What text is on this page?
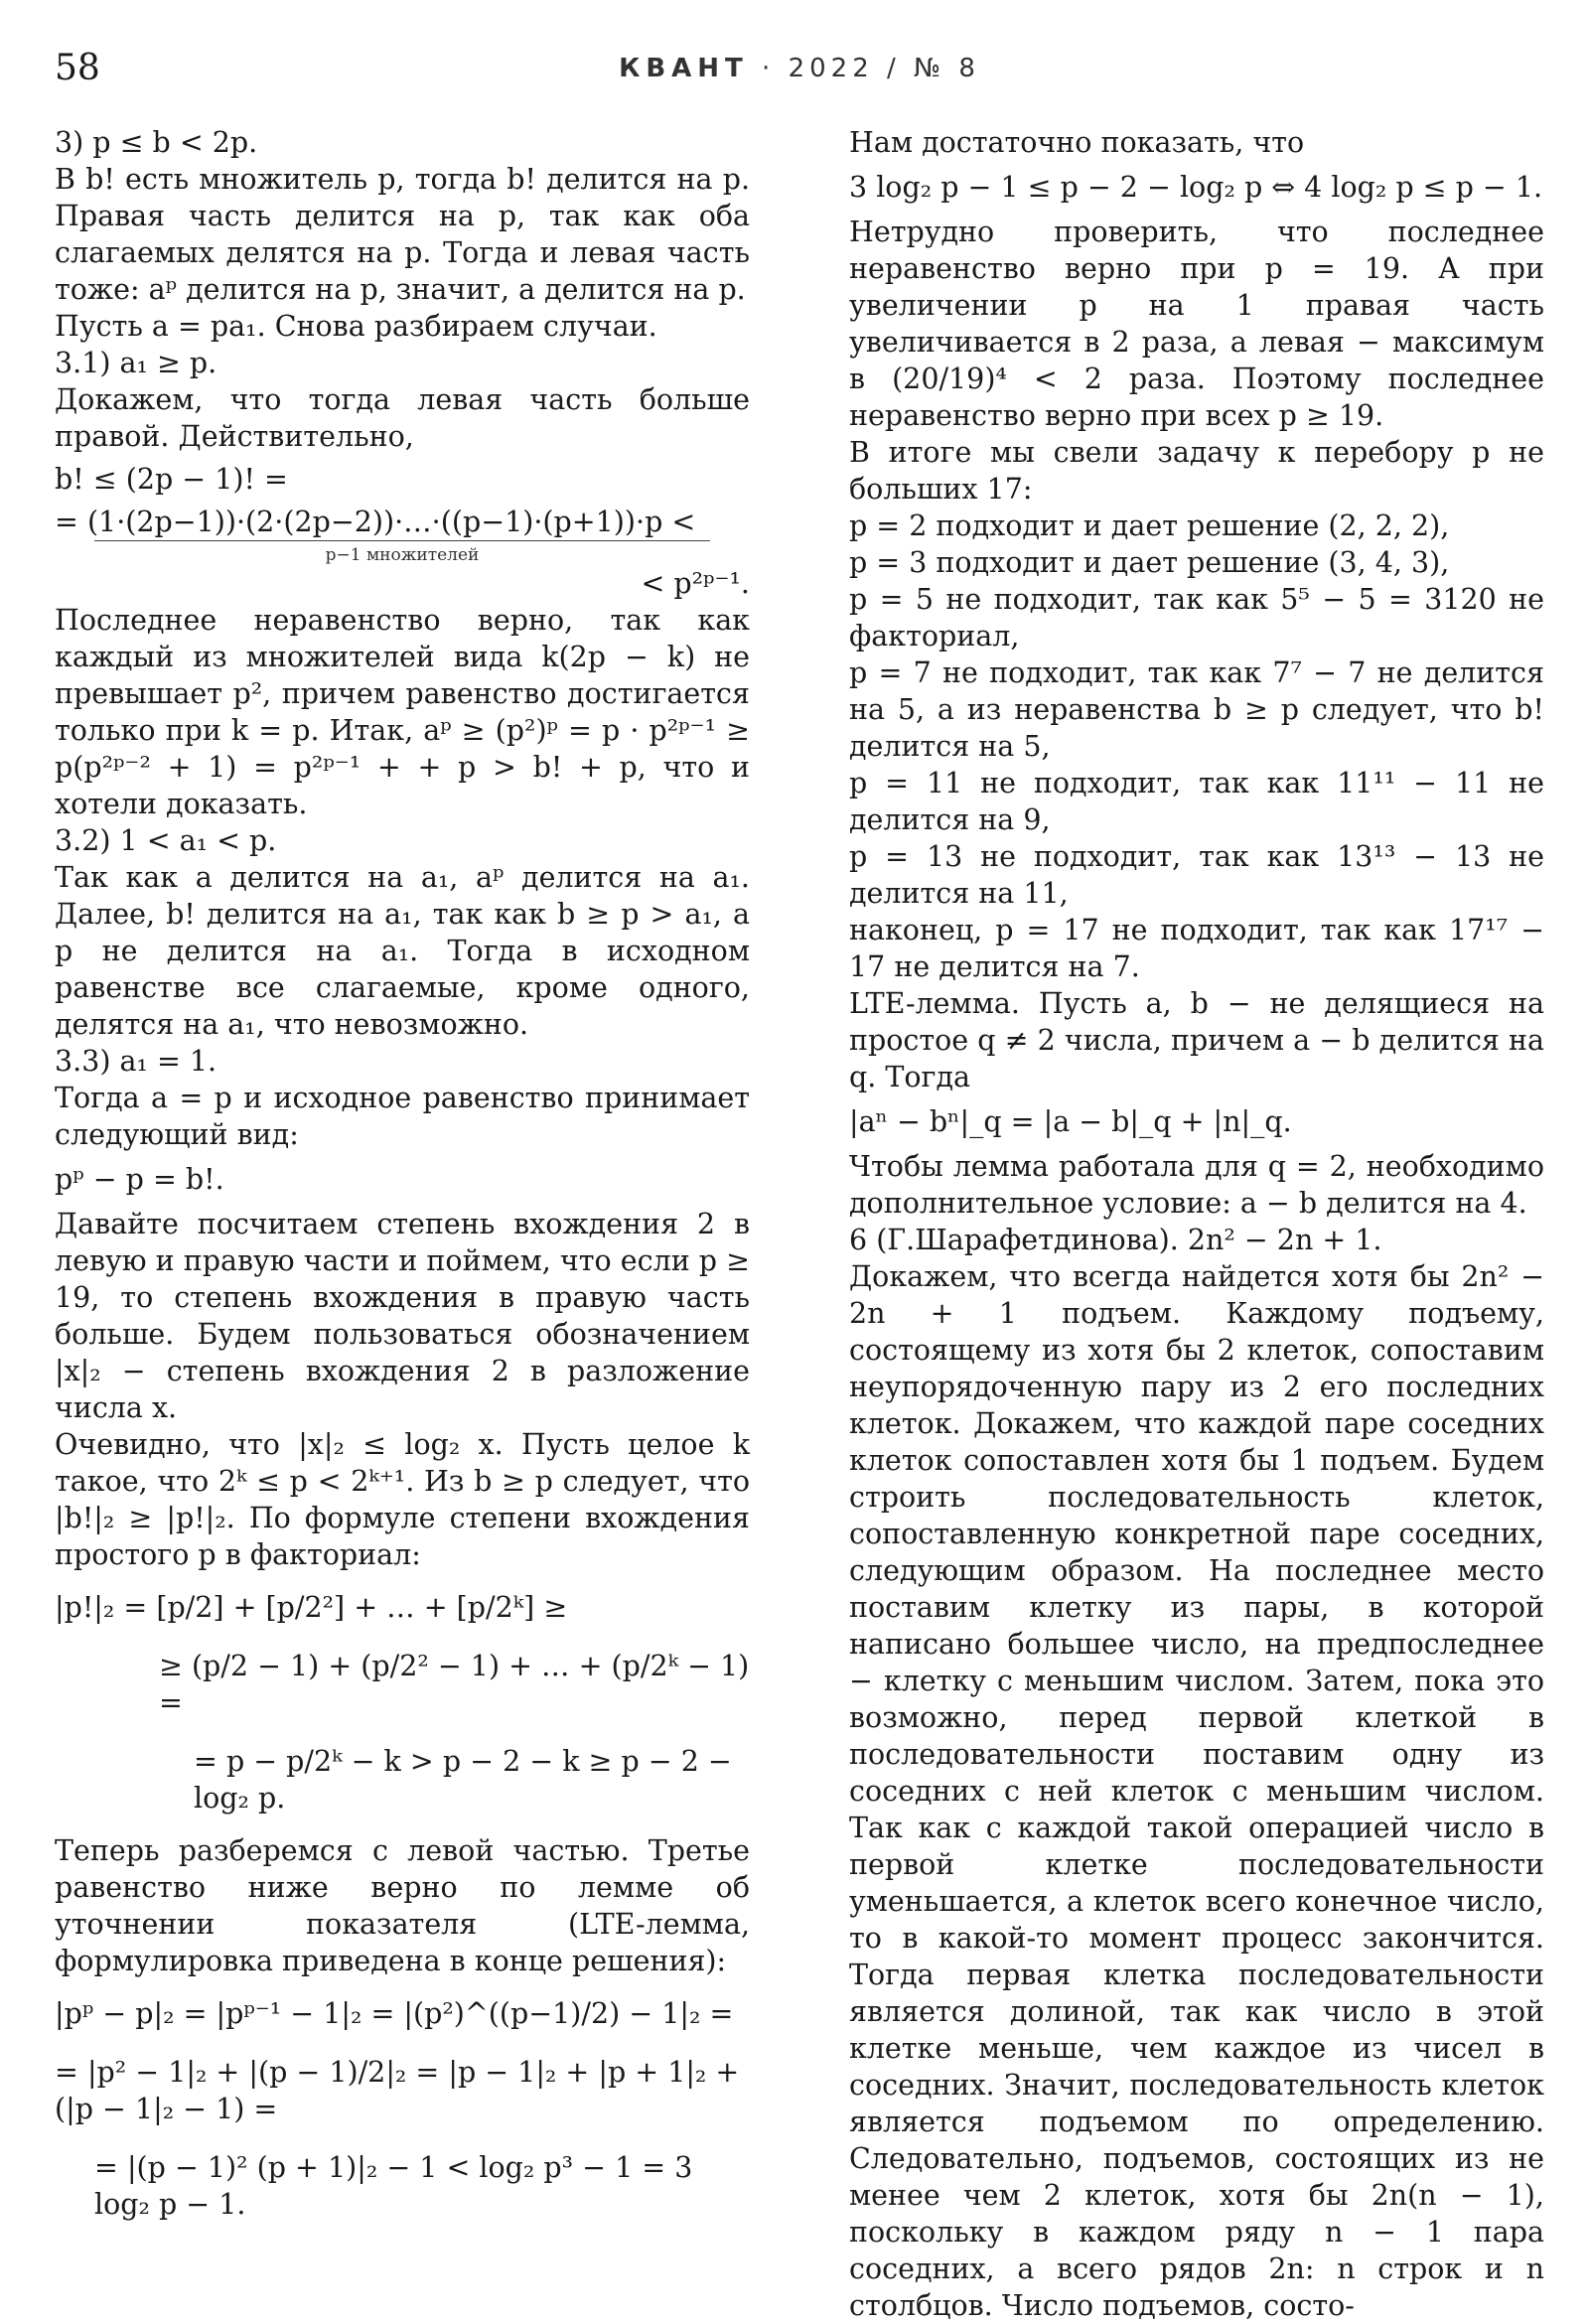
58	КВАНТ · 2022 / № 8

3) p ≤ b < 2p.

В b! есть множитель p, тогда b! делится на p. Правая часть делится на p, так как оба слагаемых делятся на p. Тогда и левая часть тоже: aᵖ делится на p, значит, a делится на p.

Пусть a = pa₁. Снова разбираем случаи.

3.1) a₁ ≥ p.

Докажем, что тогда левая часть больше правой. Действительно,

b! ≤ (2p − 1)! =

= (1·(2p−1))·(2·(2p−2))·…·((p−1)·(p+1))·p <

p−1 множителей

< p²ᵖ⁻¹.

Последнее неравенство верно, так как каждый из множителей вида k(2p − k) не превышает p², причем равенство достигается только при k = p. Итак, aᵖ ≥ (p²)ᵖ = p · p²ᵖ⁻¹ ≥ p(p²ᵖ⁻² + 1) = p²ᵖ⁻¹ + + p > b! + p, что и хотели доказать.

3.2) 1 < a₁ < p.

Так как a делится на a₁, aᵖ делится на a₁. Далее, b! делится на a₁, так как b ≥ p > a₁, а p не делится на a₁. Тогда в исходном равенстве все слагаемые, кроме одного, делятся на a₁, что невозможно.

3.3) a₁ = 1.

Тогда a = p и исходное равенство принимает следующий вид:

pᵖ − p = b!.

Давайте посчитаем степень вхождения 2 в левую и правую части и поймем, что если p ≥ 19, то степень вхождения в правую часть больше. Будем пользоваться обозначением |x|₂ − степень вхождения 2 в разложение числа x.

Очевидно, что |x|₂ ≤ log₂ x. Пусть целое k такое, что 2ᵏ ≤ p < 2ᵏ⁺¹. Из b ≥ p следует, что |b!|₂ ≥ |p!|₂. По формуле степени вхождения простого p в факториал:

|p!|₂ = [p/2] + [p/2²] + … + [p/2ᵏ] ≥

≥ (p/2 − 1) + (p/2² − 1) + … + (p/2ᵏ − 1) =

= p − p/2ᵏ − k > p − 2 − k ≥ p − 2 − log₂ p.

Теперь разберемся с левой частью. Третье равенство ниже верно по лемме об уточнении показателя (LTE-лемма, формулировка приведена в конце решения):

|pᵖ − p|₂ = |pᵖ⁻¹ − 1|₂ = |(p²)^((p−1)/2) − 1|₂ =

= |p² − 1|₂ + |(p − 1)/2|₂ = |p − 1|₂ + |p + 1|₂ + (|p − 1|₂ − 1) =

= |(p − 1)² (p + 1)|₂ − 1 < log₂ p³ − 1 = 3 log₂ p − 1.

Нам достаточно показать, что

3 log₂ p − 1 ≤ p − 2 − log₂ p ⇔ 4 log₂ p ≤ p − 1.

Нетрудно проверить, что последнее неравенство верно при p = 19. А при увеличении p на 1 правая часть увеличивается в 2 раза, а левая − максимум в (20/19)⁴ < 2 раза. Поэтому последнее неравенство верно при всех p ≥ 19.

В итоге мы свели задачу к перебору p не больших 17:

p = 2 подходит и дает решение (2, 2, 2),

p = 3 подходит и дает решение (3, 4, 3),

p = 5 не подходит, так как 5⁵ − 5 = 3120 не факториал,

p = 7 не подходит, так как 7⁷ − 7 не делится на 5, а из неравенства b ≥ p следует, что b! делится на 5,

p = 11 не подходит, так как 11¹¹ − 11 не делится на 9,

p = 13 не подходит, так как 13¹³ − 13 не делится на 11,

наконец, p = 17 не подходит, так как 17¹⁷ − 17 не делится на 7.

LTE-лемма. Пусть a, b − не делящиеся на простое q ≠ 2 числа, причем a − b делится на q. Тогда

|aⁿ − bⁿ|_q = |a − b|_q + |n|_q.

Чтобы лемма работала для q = 2, необходимо дополнительное условие: a − b делится на 4.

6 (Г.Шарафетдинова). 2n² − 2n + 1.

Докажем, что всегда найдется хотя бы 2n² − 2n + 1 подъем. Каждому подъему, состоящему из хотя бы 2 клеток, сопоставим неупорядоченную пару из 2 его последних клеток. Докажем, что каждой паре соседних клеток сопоставлен хотя бы 1 подъем. Будем строить последовательность клеток, сопоставленную конкретной паре соседних, следующим образом. На последнее место поставим клетку из пары, в которой написано большее число, на предпоследнее − клетку с меньшим числом. Затем, пока это возможно, перед первой клеткой в последовательности поставим одну из соседних с ней клеток с меньшим числом. Так как с каждой такой операцией число в первой клетке последовательности уменьшается, а клеток всего конечное число, то в какой-то момент процесс закончится. Тогда первая клетка последовательности является долиной, так как число в этой клетке меньше, чем каждое из чисел в соседних. Значит, последовательность клеток является подъемом по определению. Следовательно, подъемов, состоящих из не менее чем 2 клеток, хотя бы 2n(n − 1), поскольку в каждом ряду n − 1 пара соседних, а всего рядов 2n: n строк и n столбцов. Число подъемов, состо-
